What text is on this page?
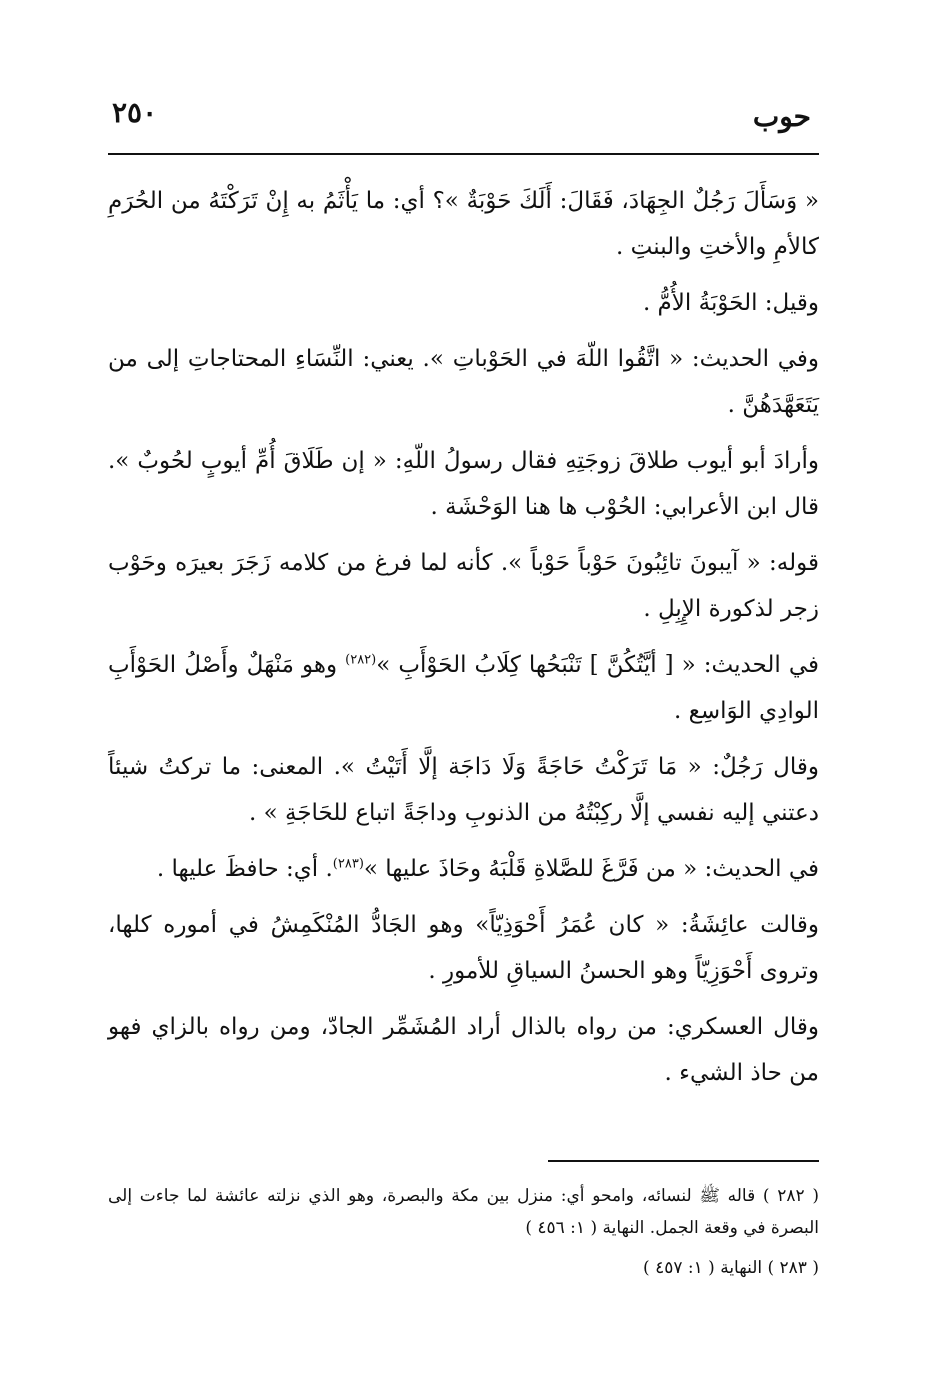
حوب
٢٥٠

« وَسَأَلَ رَجُلٌ الجِهَادَ، فَقَالَ: أَلَكَ حَوْبَةٌ »؟ أي: ما يَأْثَمُ به إِنْ تَرَكْتَهُ من الحُرَمِ كالأمِ والأختِ والبنتِ .

وقيل: الحَوْبَةُ الأُمُّ .

وفي الحديث: « اتَّقُوا اللّهَ في الحَوْباتِ ». يعني: النِّسَاءِ المحتاجاتِ إلى من يَتَعَهَّدَهُنَّ .

وأرادَ أبو أيوب طلاقَ زوجَتِهِ فقال رسولُ اللّهِ: « إن طَلَاقَ أُمِّ أيوبٍ لحُوبٌ ». قال ابن الأعرابي: الحُوْب ها هنا الوَحْشَة .

قوله: « آيبونَ تائِبُونَ حَوْباً حَوْباً ». كأنه لما فرغ من كلامه زَجَرَ بعيرَه وحَوْب زجر لذكورة الإِبِلِ .

في الحديث: « [ أيَّتُكُنَّ ] تَنْبَحُها كِلَابُ الحَوْأَبِ »$^{(٢٨٢)}$ وهو مَنْهَلٌ وأَصْلُ الحَوْأَبِ الوادِي الوَاسِع .

وقال رَجُلٌ: « مَا تَرَكْتُ حَاجَةً وَلَا دَاجَة إلَّا أَتَيْتُ ». المعنى: ما تركتُ شيئاً دعتني إليه نفسي إلَّا ركِبْتُهُ من الذنوبِ وداجَةً اتباع للحَاجَةِ » .

في الحديث: « من فَرَّغَ للصَّلاةِ قَلْبَهُ وحَاذَ عليها »$^{(٢٨٣)}$. أي: حافظَ عليها .

وقالت عائِشَةُ: « كان عُمَرُ أَحْوَذِيّاً» وهو الجَادُّ المُنْكَمِشُ في أموره كلها، وتروى أَحْوَزِيّاً وهو الحسنُ السياقِ للأمورِ .

وقال العسكري: من رواه بالذال أراد المُشَمِّر الجادّ، ومن رواه بالزاي فهو من حاذ الشيء .

( ٢٨٢ ) قاله ﷺ لنسائه، وامحو أي: منزل بين مكة والبصرة، وهو الذي نزلته عائشة لما جاءت إلى البصرة في وقعة الجمل. النهاية ( ١: ٤٥٦ )

( ٢٨٣ ) النهاية ( ١: ٤٥٧ )
